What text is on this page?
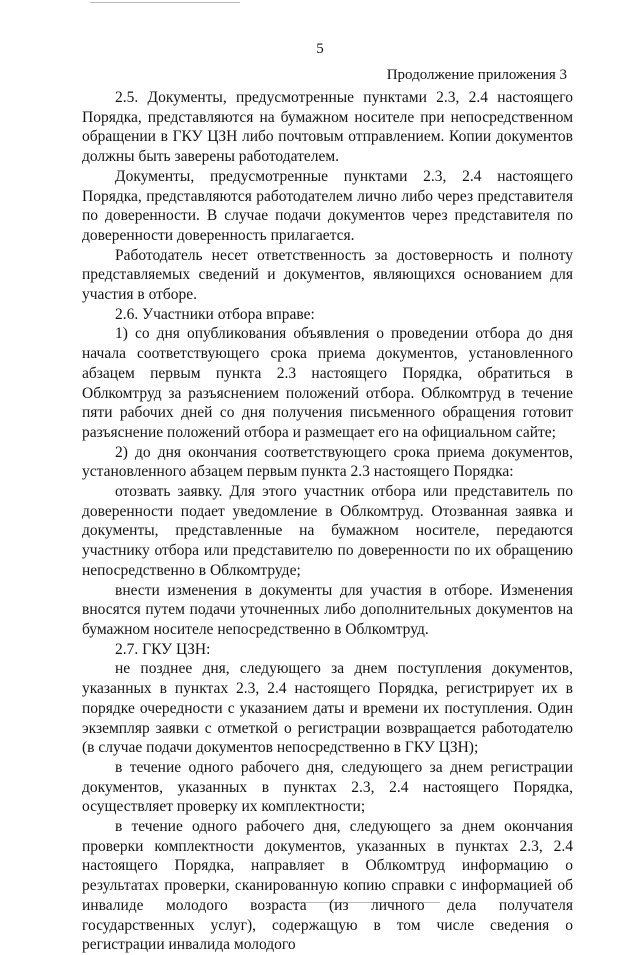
5
Продолжение приложения 3

2.5. Документы, предусмотренные пунктами 2.3, 2.4 настоящего Порядка, представляются на бумажном носителе при непосредственном обращении в ГКУ ЦЗН либо почтовым отправлением. Копии документов должны быть заверены работодателем.

Документы, предусмотренные пунктами 2.3, 2.4 настоящего Порядка, представляются работодателем лично либо через представителя по доверенности. В случае подачи документов через представителя по доверенности доверенность прилагается.

Работодатель несет ответственность за достоверность и полноту представляемых сведений и документов, являющихся основанием для участия в отборе.

2.6. Участники отбора вправе:

1) со дня опубликования объявления о проведении отбора до дня начала соответствующего срока приема документов, установленного абзацем первым пункта 2.3 настоящего Порядка, обратиться в Облкомтруд за разъяснением положений отбора. Облкомтруд в течение пяти рабочих дней со дня получения письменного обращения готовит разъяснение положений отбора и размещает его на официальном сайте;

2) до дня окончания соответствующего срока приема документов, установленного абзацем первым пункта 2.3 настоящего Порядка:

отозвать заявку. Для этого участник отбора или представитель по доверенности подает уведомление в Облкомтруд. Отозванная заявка и документы, представленные на бумажном носителе, передаются участнику отбора или представителю по доверенности по их обращению непосредственно в Облкомтруде;

внести изменения в документы для участия в отборе. Изменения вносятся путем подачи уточненных либо дополнительных документов на бумажном носителе непосредственно в Облкомтруд.

2.7. ГКУ ЦЗН:

не позднее дня, следующего за днем поступления документов, указанных в пунктах 2.3, 2.4 настоящего Порядка, регистрирует их в порядке очередности с указанием даты и времени их поступления. Один экземпляр заявки с отметкой о регистрации возвращается работодателю (в случае подачи документов непосредственно в ГКУ ЦЗН);

в течение одного рабочего дня, следующего за днем регистрации документов, указанных в пунктах 2.3, 2.4 настоящего Порядка, осуществляет проверку их комплектности;

в течение одного рабочего дня, следующего за днем окончания проверки комплектности документов, указанных в пунктах 2.3, 2.4 настоящего Порядка, направляет в Облкомтруд информацию о результатах проверки, сканированную копию справки с информацией об инвалиде молодого возраста (из личного дела получателя государственных услуг), содержащую в том числе сведения о регистрации инвалида молодого
